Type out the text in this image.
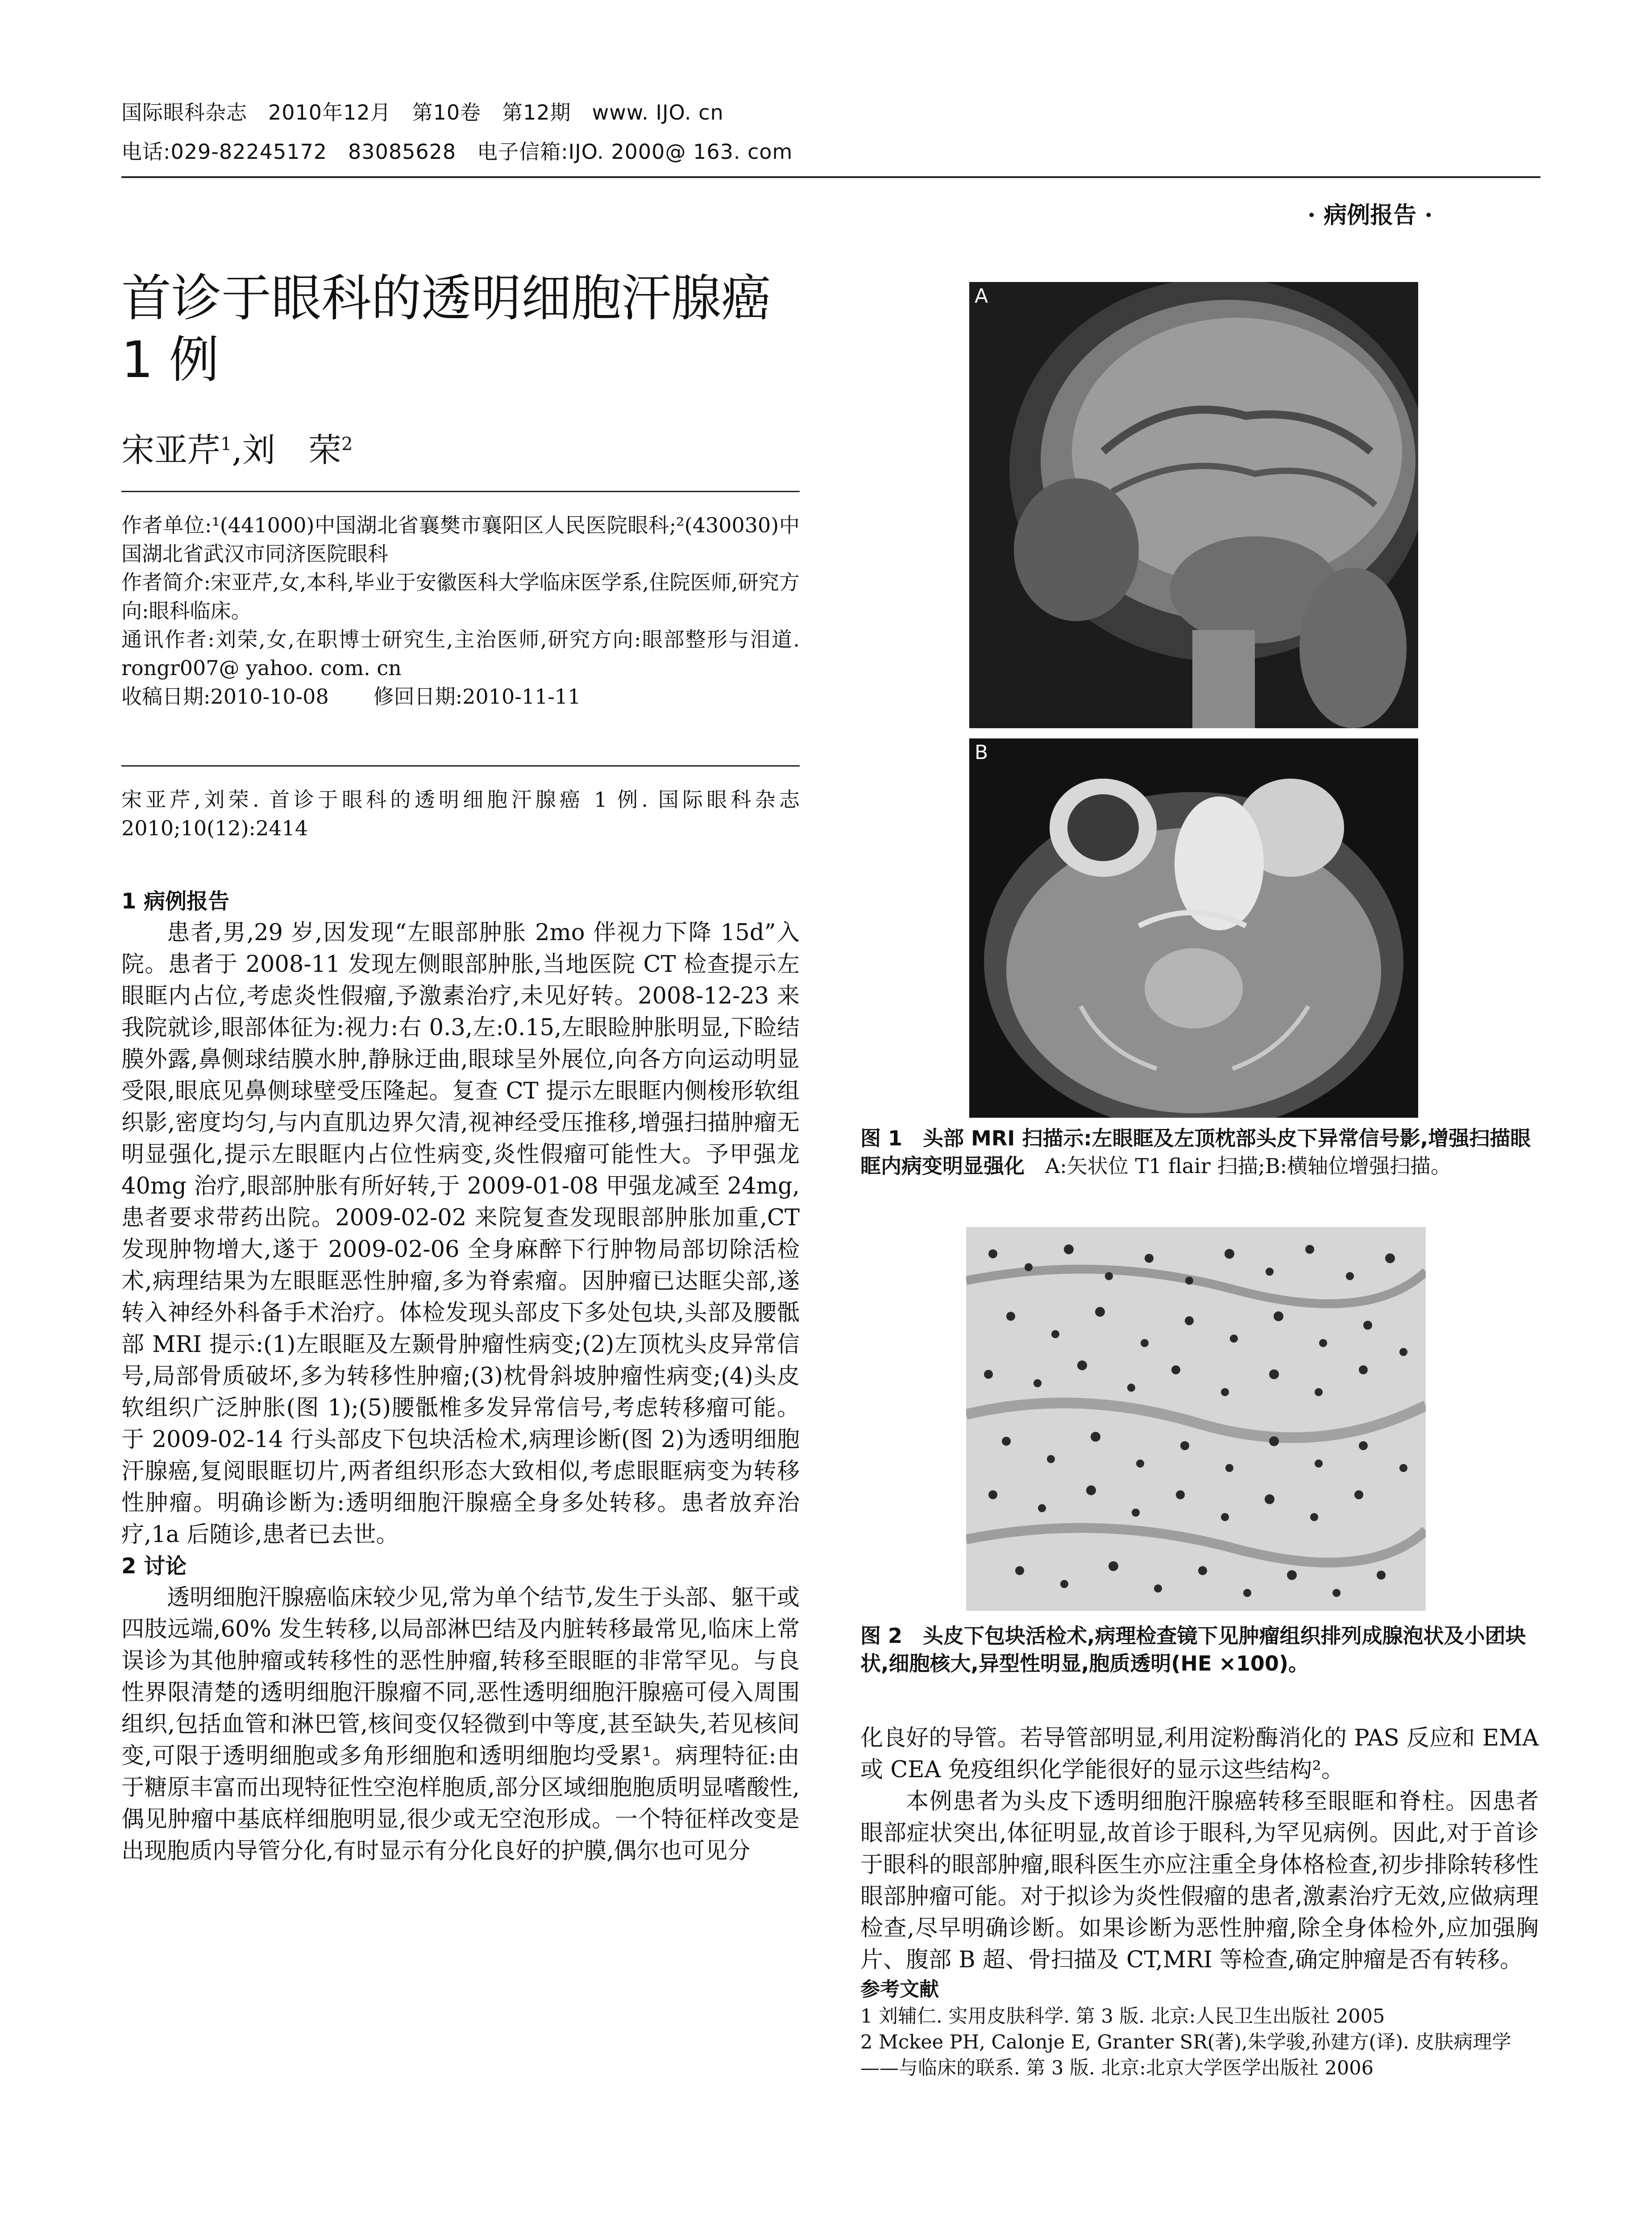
国际眼科杂志　2010年12月　第10卷　第12期　www. IJO. cn
电话:029-82245172　83085628　电子信箱:IJO. 2000@ 163. com
· 病例报告 ·
首诊于眼科的透明细胞汗腺癌
1 例
宋亚芹$^1$,刘　荣$^2$

作者单位:¹(441000)中国湖北省襄樊市襄阳区人民医院眼科;²(430030)中国湖北省武汉市同济医院眼科

作者简介:宋亚芹,女,本科,毕业于安徽医科大学临床医学系,住院医师,研究方向:眼科临床。

通讯作者:刘荣,女,在职博士研究生,主治医师,研究方向:眼部整形与泪道. rongr007@ yahoo. com. cn

收稿日期:2010-10-08 修回日期:2010-11-11

宋亚芹,刘荣. 首诊于眼科的透明细胞汗腺癌 1 例. 国际眼科杂志 2010;10(12):2414

1 病例报告

患者,男,29 岁,因发现“左眼部肿胀 2mo 伴视力下降 15d”入院。患者于 2008-11 发现左侧眼部肿胀,当地医院 CT 检查提示左眼眶内占位,考虑炎性假瘤,予激素治疗,未见好转。2008-12-23 来我院就诊,眼部体征为:视力:右 0.3,左:0.15,左眼睑肿胀明显,下睑结膜外露,鼻侧球结膜水肿,静脉迂曲,眼球呈外展位,向各方向运动明显受限,眼底见鼻侧球壁受压隆起。复查 CT 提示左眼眶内侧梭形软组织影,密度均匀,与内直肌边界欠清,视神经受压推移,增强扫描肿瘤无明显强化,提示左眼眶内占位性病变,炎性假瘤可能性大。予甲强龙 40mg 治疗,眼部肿胀有所好转,于 2009-01-08 甲强龙减至 24mg,患者要求带药出院。2009-02-02 来院复查发现眼部肿胀加重,CT 发现肿物增大,遂于 2009-02-06 全身麻醉下行肿物局部切除活检术,病理结果为左眼眶恶性肿瘤,多为脊索瘤。因肿瘤已达眶尖部,遂转入神经外科备手术治疗。体检发现头部皮下多处包块,头部及腰骶部 MRI 提示:(1)左眼眶及左颞骨肿瘤性病变;(2)左顶枕头皮异常信号,局部骨质破坏,多为转移性肿瘤;(3)枕骨斜坡肿瘤性病变;(4)头皮软组织广泛肿胀(图 1);(5)腰骶椎多发异常信号,考虑转移瘤可能。于 2009-02-14 行头部皮下包块活检术,病理诊断(图 2)为透明细胞汗腺癌,复阅眼眶切片,两者组织形态大致相似,考虑眼眶病变为转移性肿瘤。明确诊断为:透明细胞汗腺癌全身多处转移。患者放弃治疗,1a 后随诊,患者已去世。

2 讨论

透明细胞汗腺癌临床较少见,常为单个结节,发生于头部、躯干或四肢远端,60% 发生转移,以局部淋巴结及内脏转移最常见,临床上常误诊为其他肿瘤或转移性的恶性肿瘤,转移至眼眶的非常罕见。与良性界限清楚的透明细胞汗腺瘤不同,恶性透明细胞汗腺癌可侵入周围组织,包括血管和淋巴管,核间变仅轻微到中等度,甚至缺失,若见核间变,可限于透明细胞或多角形细胞和透明细胞均受累¹。病理特征:由于糖原丰富而出现特征性空泡样胞质,部分区域细胞胞质明显嗜酸性,偶见肿瘤中基底样细胞明显,很少或无空泡形成。一个特征样改变是出现胞质内导管分化,有时显示有分化良好的护膜,偶尔也可见分

A
B

图 1　头部 MRI 扫描示:左眼眶及左顶枕部头皮下异常信号影,增强扫描眼眶内病变明显强化　A:矢状位 T1 flair 扫描;B:横轴位增强扫描。

图 2　头皮下包块活检术,病理检查镜下见肿瘤组织排列成腺泡状及小团块状,细胞核大,异型性明显,胞质透明(HE ×100)。

化良好的导管。若导管部明显,利用淀粉酶消化的 PAS 反应和 EMA 或 CEA 免疫组织化学能很好的显示这些结构²。

本例患者为头皮下透明细胞汗腺癌转移至眼眶和脊柱。因患者眼部症状突出,体征明显,故首诊于眼科,为罕见病例。因此,对于首诊于眼科的眼部肿瘤,眼科医生亦应注重全身体格检查,初步排除转移性眼部肿瘤可能。对于拟诊为炎性假瘤的患者,激素治疗无效,应做病理检查,尽早明确诊断。如果诊断为恶性肿瘤,除全身体检外,应加强胸片、腹部 B 超、骨扫描及 CT,MRI 等检查,确定肿瘤是否有转移。

参考文献

1 刘辅仁. 实用皮肤科学. 第 3 版. 北京:人民卫生出版社 2005

2 Mckee PH, Calonje E, Granter SR(著),朱学骏,孙建方(译). 皮肤病理学——与临床的联系. 第 3 版. 北京:北京大学医学出版社 2006
